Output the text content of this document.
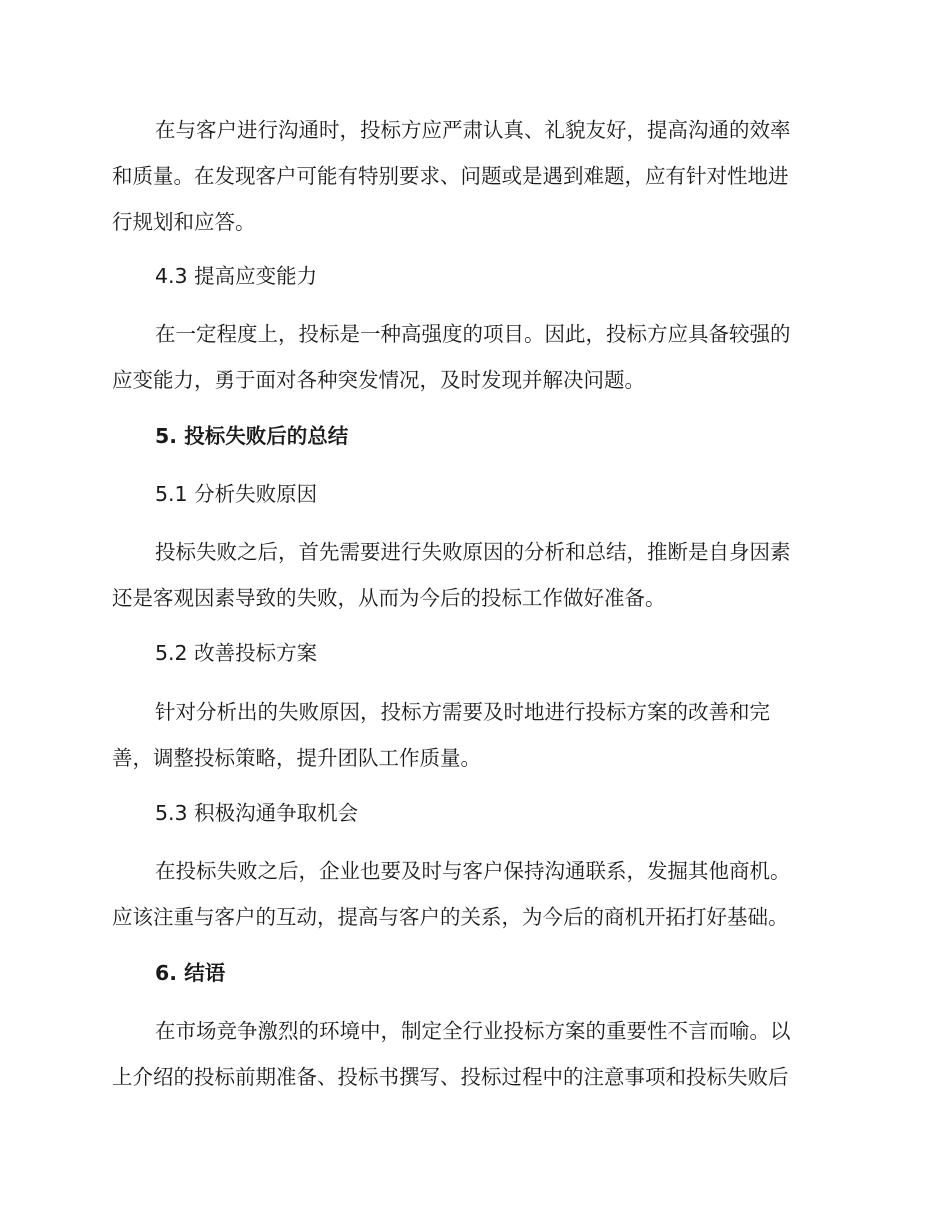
在与客户进行沟通时，投标方应严肃认真、礼貌友好，提高沟通的效率
和质量。在发现客户可能有特别要求、问题或是遇到难题，应有针对性地进
行规划和应答。
4.3 提高应变能力
在一定程度上，投标是一种高强度的项目。因此，投标方应具备较强的
应变能力，勇于面对各种突发情况，及时发现并解决问题。
5. 投标失败后的总结
5.1 分析失败原因
投标失败之后，首先需要进行失败原因的分析和总结，推断是自身因素
还是客观因素导致的失败，从而为今后的投标工作做好准备。
5.2 改善投标方案
针对分析出的失败原因，投标方需要及时地进行投标方案的改善和完
善，调整投标策略，提升团队工作质量。
5.3 积极沟通争取机会
在投标失败之后，企业也要及时与客户保持沟通联系，发掘其他商机。
应该注重与客户的互动，提高与客户的关系，为今后的商机开拓打好基础。
6. 结语
在市场竞争激烈的环境中，制定全行业投标方案的重要性不言而喻。以
上介绍的投标前期准备、投标书撰写、投标过程中的注意事项和投标失败后
